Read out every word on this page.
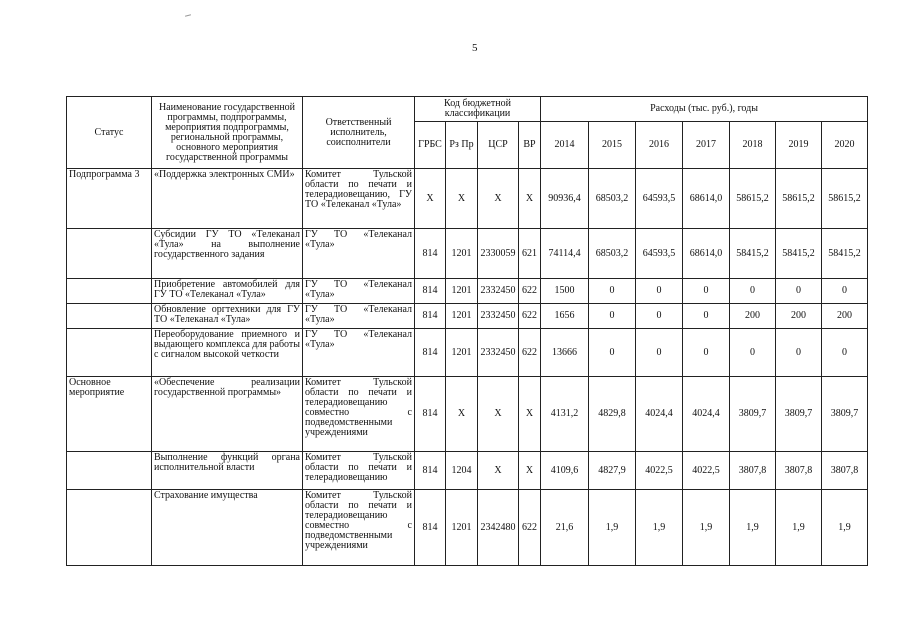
5
Статус	Наименование государственной программы, подпрограммы, мероприятия подпрограммы, региональной программы, основного мероприятия государственной программы	Ответственный исполнитель, соисполнители	Код бюджетной классификации				Расходы (тыс. руб.), годы						
			ГРБС	Рз Пр	ЦСР	ВР	2014	2015	2016	2017	2018	2019	2020
Подпрограмма 3	«Поддержка электронных СМИ»	Комитет Тульской области по печати и телерадиовещанию, ГУ ТО «Телеканал «Тула»	X	X	X	X	90936,4	68503,2	64593,5	68614,0	58615,2	58615,2	58615,2
	Субсидии ГУ ТО «Телеканал «Тула» на выполнение государственного задания	ГУ ТО «Телеканал «Тула»	814	1201	2330059	621	74114,4	68503,2	64593,5	68614,0	58415,2	58415,2	58415,2
	Приобретение автомобилей для ГУ ТО «Телеканал «Тула»	ГУ ТО «Телеканал «Тула»	814	1201	2332450	622	1500	0	0	0	0	0	0
	Обновление оргтехники для ГУ ТО «Телеканал «Тула»	ГУ ТО «Телеканал «Тула»	814	1201	2332450	622	1656	0	0	0	200	200	200
	Переоборудование приемного и выдающего комплекса для работы с сигналом высокой четкости	ГУ ТО «Телеканал «Тула»	814	1201	2332450	622	13666	0	0	0	0	0	0
Основное мероприятие	«Обеспечение реализации государственной программы»	Комитет Тульской области по печати и телерадиовещанию совместно с подведомственными учреждениями	814	X	X	X	4131,2	4829,8	4024,4	4024,4	3809,7	3809,7	3809,7
	Выполнение функций органа исполнительной власти	Комитет Тульской области по печати и телерадиовещанию	814	1204	X	X	4109,6	4827,9	4022,5	4022,5	3807,8	3807,8	3807,8
	Страхование имущества	Комитет Тульской области по печати и телерадиовещанию совместно с подведомственными учреждениями	814	1201	2342480	622	21,6	1,9	1,9	1,9	1,9	1,9	1,9
